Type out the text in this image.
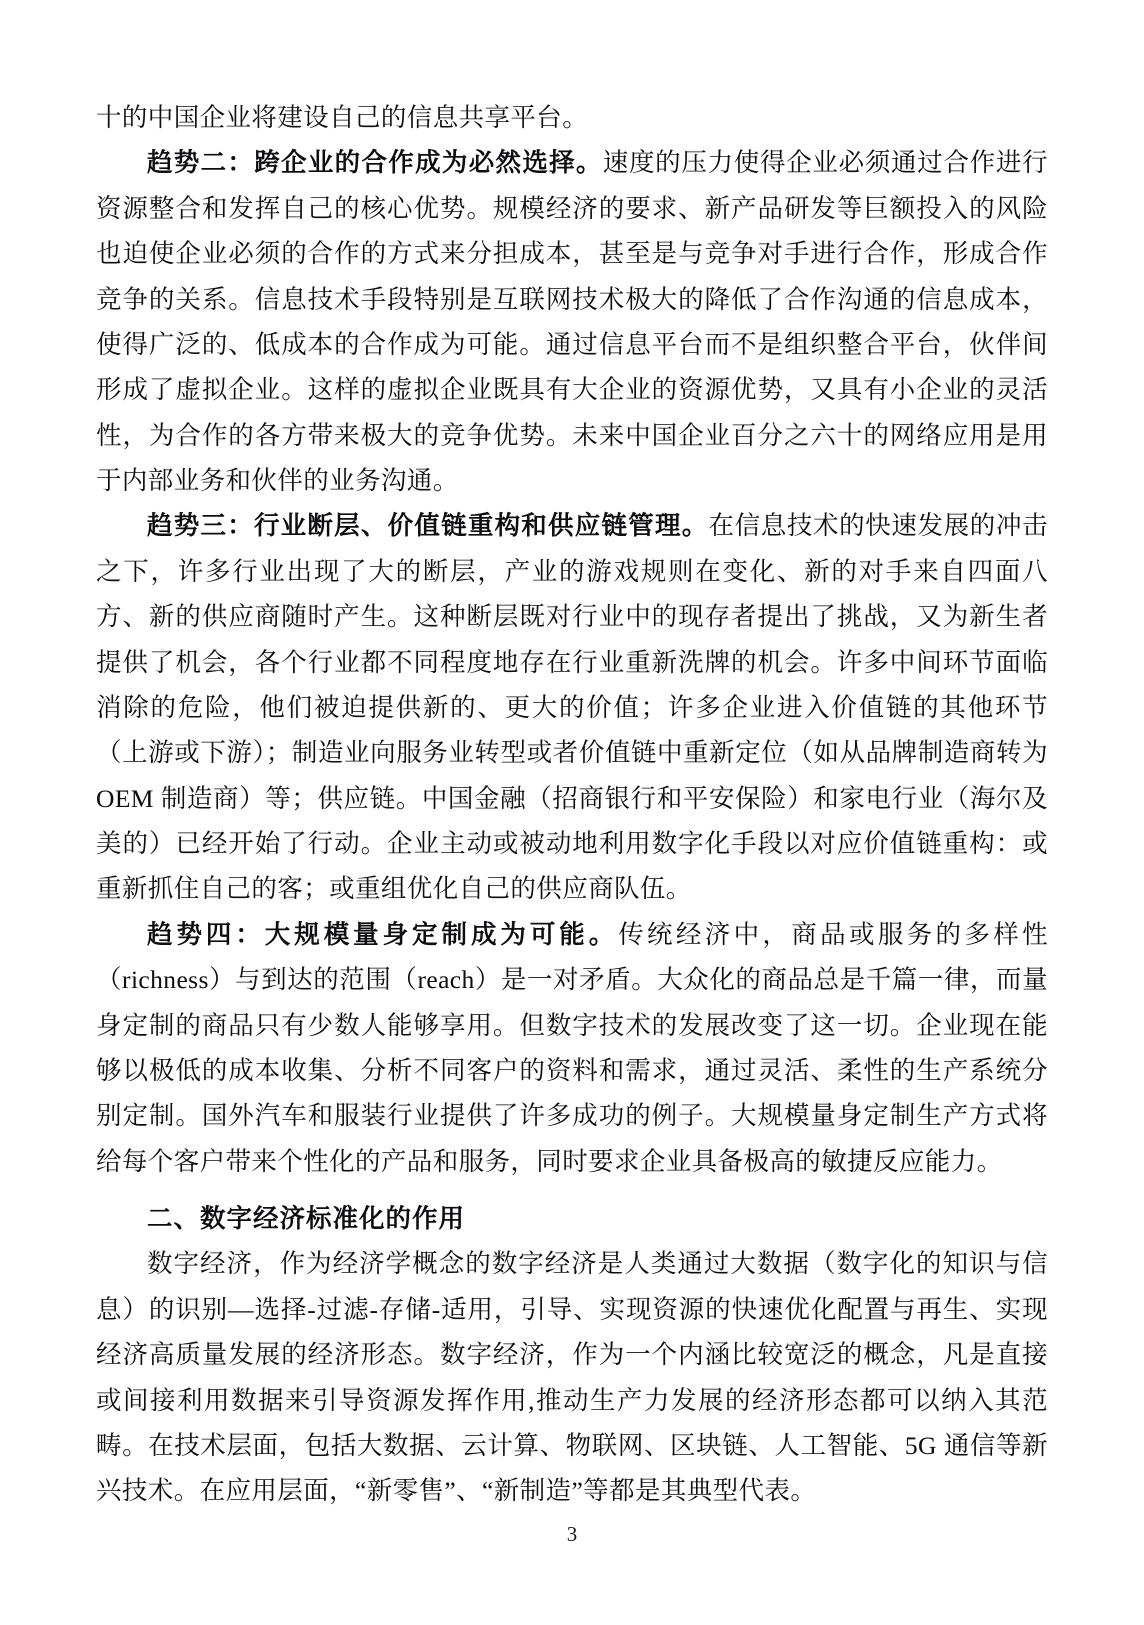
十的中国企业将建设自己的信息共享平台。

趋势二：跨企业的合作成为必然选择。速度的压力使得企业必须通过合作进行资源整合和发挥自己的核心优势。规模经济的要求、新产品研发等巨额投入的风险也迫使企业必须的合作的方式来分担成本，甚至是与竞争对手进行合作，形成合作竞争的关系。信息技术手段特别是互联网技术极大的降低了合作沟通的信息成本，使得广泛的、低成本的合作成为可能。通过信息平台而不是组织整合平台，伙伴间形成了虚拟企业。这样的虚拟企业既具有大企业的资源优势，又具有小企业的灵活性，为合作的各方带来极大的竞争优势。未来中国企业百分之六十的网络应用是用于内部业务和伙伴的业务沟通。

趋势三：行业断层、价值链重构和供应链管理。在信息技术的快速发展的冲击之下，许多行业出现了大的断层，产业的游戏规则在变化、新的对手来自四面八方、新的供应商随时产生。这种断层既对行业中的现存者提出了挑战，又为新生者提供了机会，各个行业都不同程度地存在行业重新洗牌的机会。许多中间环节面临消除的危险，他们被迫提供新的、更大的价值；许多企业进入价值链的其他环节（上游或下游）；制造业向服务业转型或者价值链中重新定位（如从品牌制造商转为 OEM 制造商）等；供应链。中国金融（招商银行和平安保险）和家电行业（海尔及美的）已经开始了行动。企业主动或被动地利用数字化手段以对应价值链重构：或重新抓住自己的客；或重组优化自己的供应商队伍。

趋势四：大规模量身定制成为可能。传统经济中，商品或服务的多样性（richness）与到达的范围（reach）是一对矛盾。大众化的商品总是千篇一律，而量身定制的商品只有少数人能够享用。但数字技术的发展改变了这一切。企业现在能够以极低的成本收集、分析不同客户的资料和需求，通过灵活、柔性的生产系统分别定制。国外汽车和服装行业提供了许多成功的例子。大规模量身定制生产方式将给每个客户带来个性化的产品和服务，同时要求企业具备极高的敏捷反应能力。

二、数字经济标准化的作用

数字经济，作为经济学概念的数字经济是人类通过大数据（数字化的知识与信息）的识别—选择-过滤-存储-适用，引导、实现资源的快速优化配置与再生、实现经济高质量发展的经济形态。数字经济，作为一个内涵比较宽泛的概念，凡是直接或间接利用数据来引导资源发挥作用,推动生产力发展的经济形态都可以纳入其范畴。在技术层面，包括大数据、云计算、物联网、区块链、人工智能、5G 通信等新兴技术。在应用层面，“新零售”、“新制造”等都是其典型代表。

3
